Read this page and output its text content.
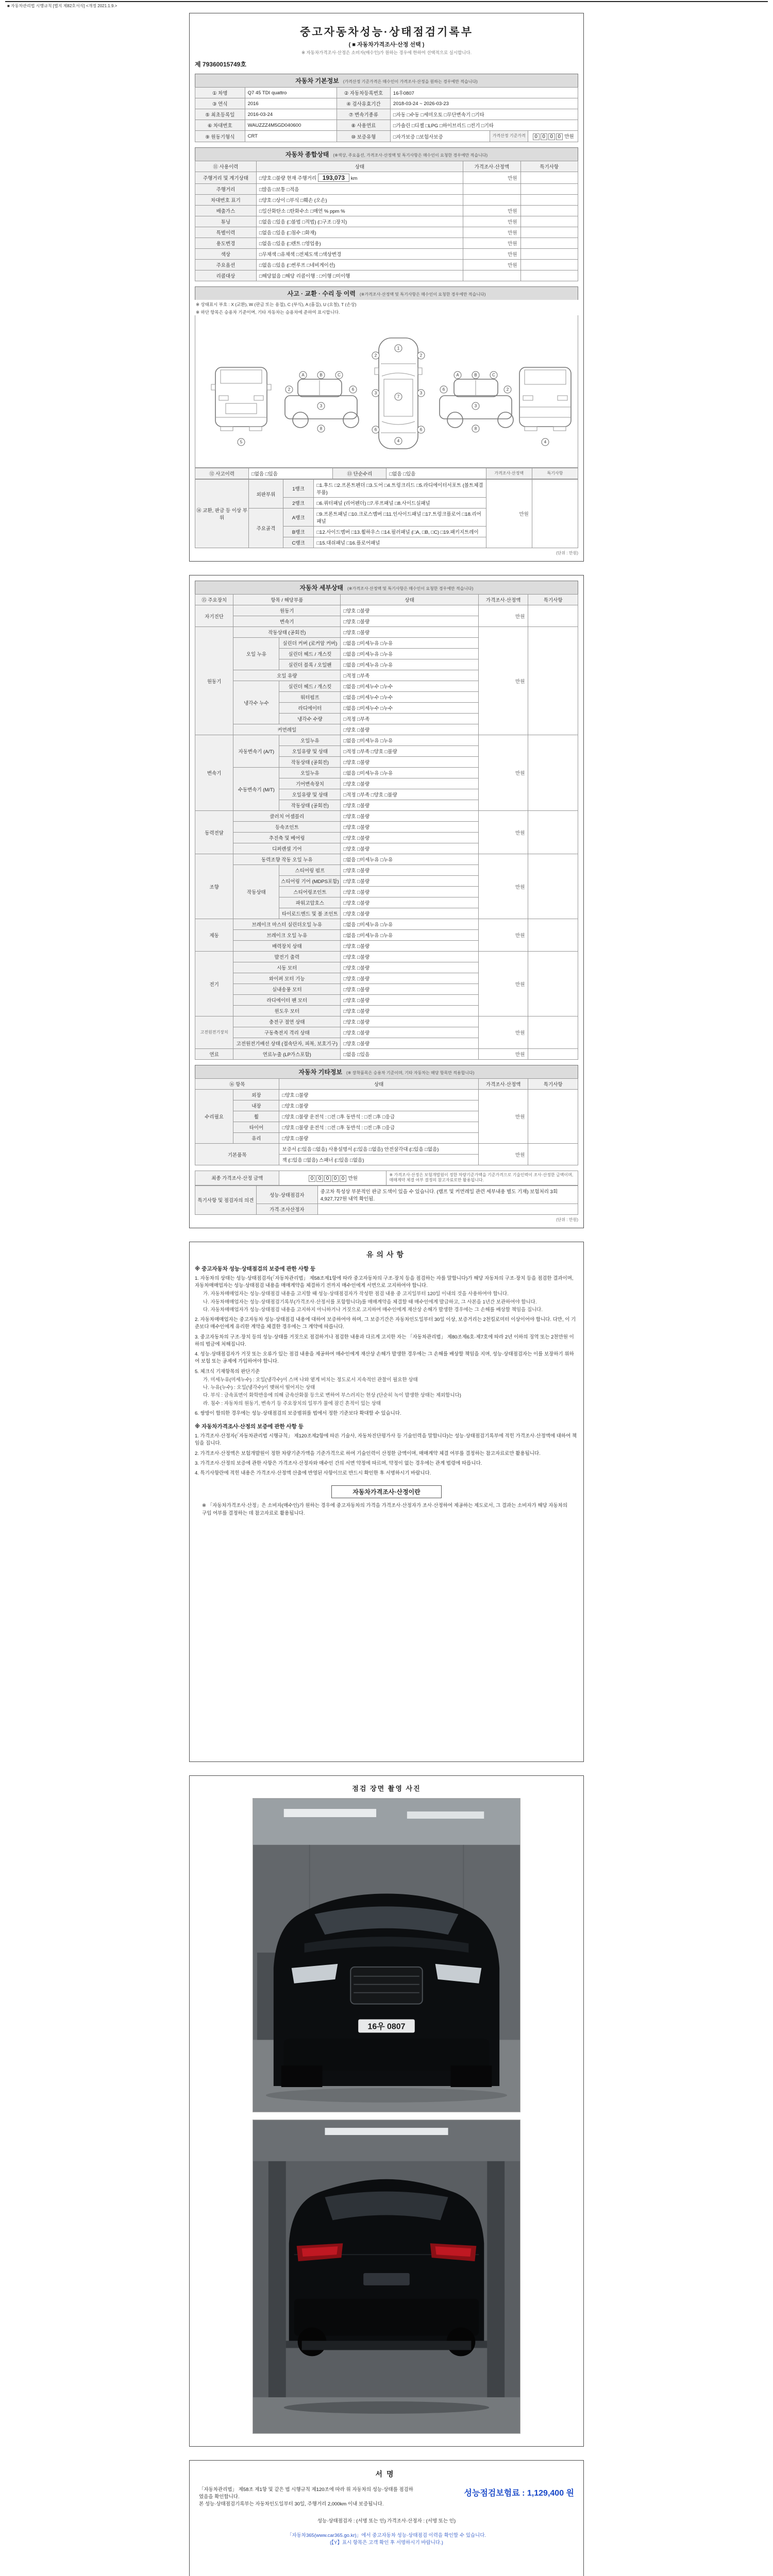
■ 자동차관리법 시행규칙 [별지 제82호서식] <개정 2021.1.9.>
중고자동차성능·상태점검기록부
( ■ 자동차가격조사·산정 선택 )
※ 자동차가격조사·산정은 소비자(매수인)가 원하는 경우에 한하여 선택적으로 실시합니다.
제 79360015749호
자동차 기본정보 (가격산정 기준가격은 매수인이 가격조사·산정을 원하는 경우에만 적습니다)
① 차명	Q7 45 TDI quattro	② 자동차등록번호	16우0807		
③ 연식	2016	④ 검사유효기간	2018-03-24 ~ 2026-03-23		
⑤ 최초등록일	2016-03-24	⑦ 변속기종류	□자동 □수동 □세미오토 □무단변속기 □기타		
⑥ 차대번호	WAUZZZ4M5GD040600	⑧ 사용연료	□가솔린 □디젤 □LPG □하이브리드 □전기 □기타		
⑨ 원동기형식	CRT	⑩ 보증유형	□자가보증 □보험사보증	가격산정 기준가격	0 0 0 0 만원
자동차 종합상태 (※색상, 주요옵션, 가격조사·산정액 및 특기사항은 매수인이 요청한 경우에만 적습니다)
⑪ 사용이력	상태	가격조사·산정액	특기사항
주행거리 및 계기상태	□양호 □불량 현재 주행거리 193,073 km	만원	
주행거리	□많음 □보통 □적음		
차대번호 표기	□양호 □상이 □부식 □훼손 (오손)		
배출가스	□일산화탄소 □탄화수소 □매연 % ppm %	만원	
튜닝	□없음 □있음 (□불법 □적법) (□구조 □장치)	만원	
특별이력	□없음 □있음 (□침수 □화재)	만원	
용도변경	□없음 □있음 (□렌트 □영업용)	만원	
색상	□무채색 □유채색 □전체도색 □색상변경	만원	
주요옵션	□없음 □있음 (□썬루프 □네비게이션)	만원	
리콜대상	□해당없음 □해당 리콜이행 : □이행 □미이행		
사고 · 교환 · 수리 등 이력 (※가격조사·산정액 및 특기사항은 매수인이 요청한 경우에만 적습니다)
※ 상태표시 부호 : X (교환), W (판금 또는 용접), C (부식), A (흠집), U (요철), T (손상)
※ 하단 항목은 승용차 기준이며, 기타 자동차는 승용차에 준하여 표시합니다.
5
A	B	C
2
3
6
8
1
7
4
2
3
6
2
3
6
A	B	C
6
3
2
8
4
⑫ 사고이력	□없음 □있음	⑬ 단순수리	□없음 □있음	가격조사·산정액	특기사항
⑭ 교환, 판금 등 이상 부위	외판부위	1랭크	□1.후드 □2.프론트펜더 □3.도어 □4.트렁크리드 □5.라디에이터서포트 (볼트체결부품)	만원	
		2랭크	□6.쿼터패널 (리어펜더) □7.루프패널 □8.사이드실패널		
	주요골격	A랭크	□9.프론트패널 □10.크로스멤버 □11.인사이드패널 □17.트렁크플로어 □18.리어패널		
		B랭크	□12.사이드멤버 □13.휠하우스 □14.필러패널 (□A, □B, □C) □19.패키지트레이		
		C랭크	□15.대쉬패널 □16.플로어패널		
(단위 : 만원)
자동차 세부상태 (※가격조사·산정액 및 특기사항은 매수인이 요청한 경우에만 적습니다)
⑮ 주요장치	항목 / 해당부품		상태	가격조사·산정액	특기사항
자기진단	원동기		□양호 □불량	만원	
	변속기		□양호 □불량		
원동기	작동상태 (공회전)		□양호 □불량	만원	
	오일 누유	실린더 커버 (로커암 커버)	□없음 □미세누유 □누유		
		실린더 헤드 / 개스킷	□없음 □미세누유 □누유		
		실린더 블록 / 오일팬	□없음 □미세누유 □누유		
	오일 유량		□적정 □부족		
	냉각수 누수	실린더 헤드 / 개스킷	□없음 □미세누수 □누수		
		워터펌프	□없음 □미세누수 □누수		
		라디에이터	□없음 □미세누수 □누수		
		냉각수 수량	□적정 □부족		
	커먼레일		□양호 □불량		
변속기	자동변속기 (A/T)	오일누유	□없음 □미세누유 □누유	만원	
		오일유량 및 상태	□적정 □부족 □양호 □불량		
		작동상태 (공회전)	□양호 □불량		
	수동변속기 (M/T)	오일누유	□없음 □미세누유 □누유		
		기어변속장치	□양호 □불량		
		오일유량 및 상태	□적정 □부족 □양호 □불량		
		작동상태 (공회전)	□양호 □불량		
동력전달	클러치 어셈블리		□양호 □불량	만원	
	등속조인트		□양호 □불량		
	추진축 및 베어링		□양호 □불량		
	디퍼렌셜 기어		□양호 □불량		
조향	동력조향 작동 오일 누유		□없음 □미세누유 □누유	만원	
	작동상태	스티어링 펌프	□양호 □불량		
		스티어링 기어 (MDPS포함)	□양호 □불량		
		스티어링조인트	□양호 □불량		
		파워고압호스	□양호 □불량		
		타이로드엔드 및 볼 조인트	□양호 □불량		
제동	브레이크 마스터 실린더오일 누유		□없음 □미세누유 □누유	만원	
	브레이크 오일 누유		□없음 □미세누유 □누유		
	배력장치 상태		□양호 □불량		
전기	발전기 출력		□양호 □불량	만원	
	시동 모터		□양호 □불량		
	와이퍼 모터 기능		□양호 □불량		
	실내송풍 모터		□양호 □불량		
	라디에이터 팬 모터		□양호 □불량		
	윈도우 모터		□양호 □불량		
고전원전기장치	충전구 절연 상태		□양호 □불량	만원	
	구동축전지 격리 상태		□양호 □불량		
	고전원전기배선 상태 (접속단자, 피복, 보호기구)		□양호 □불량		
연료	연료누출 (LP가스포함)		□없음 □있음	만원	
자동차 기타정보 (※ 장착품목은 승용차 기준이며, 기타 자동차는 해당 항목만 적용합니다)
⑯ 항목		상태	가격조사·산정액	특기사항
수리필요	외장	□양호 □불량	만원	
	내장	□양호 □불량		
	휠	□양호 □불량 운전석 : □전 □후 동반석 : □전 □후 □응급		
	타이어	□양호 □불량 운전석 : □전 □후 동반석 : □전 □후 □응급		
	유리	□양호 □불량		
기본품목		보증서 (□있음 □없음) 사용설명서 (□있음 □없음) 안전삼각대 (□있음 □없음)	만원	
		잭 (□있음 □없음) 스패너 (□있음 □없음)		
최종 가격조사·산정 금액	0 0 0 0 0 만원	※ 가격조사·산정은 보험개발원이 정한 차량기준가액을 기준가격으로 기술인력이 조사·산정한 금액이며, 매매계약 체결 여부 결정의 참고자료로만 활용됩니다.
특기사항 및 점검자의 의견	성능·상태점검자	중고차 특성상 부분적인 판금 도색이 있을 수 있습니다. (램프 및 커먼레일 관련 세부내용 별도 기재) 보험처리 3회 4,927,727원 내역 확인됨.
	가격·조사산정자	
(단위 : 만원)
유의사항
※ 중고자동차 성능·상태점검의 보증에 관한 사항 등
1. 자동차의 상태는 성능·상태점검자(「자동차관리법」 제58조제1항에 따라 중고자동차의 구조·장치 등을 점검하는 자를 말합니다)가 해당 자동차의 구조·장치 등을 점검한 결과이며, 자동차매매업자는 성능·상태점검 내용을 매매계약을 체결하기 전까지 매수인에게 서면으로 고지하여야 합니다.
가. 자동차매매업자는 성능·상태점검 내용을 고지할 때 성능·상태점검자가 작성한 점검 내용 중 고지일부터 120일 이내의 것을 사용하여야 합니다.
나. 자동차매매업자는 성능·상태점검기록부(가격조사·산정서를 포함합니다)를 매매계약을 체결할 때 매수인에게 발급하고, 그 사본을 1년간 보관하여야 합니다.
다. 자동차매매업자가 성능·상태점검 내용을 고지하지 아니하거나 거짓으로 고지하여 매수인에게 재산상 손해가 발생한 경우에는 그 손해를 배상할 책임을 집니다.
2. 자동차매매업자는 중고자동차 성능·상태점검 내용에 대하여 보증하여야 하며, 그 보증기간은 자동차인도일부터 30일 이상, 보증거리는 2천킬로미터 이상이어야 합니다. 다만, 이 기준보다 매수인에게 유리한 계약을 체결한 경우에는 그 계약에 따릅니다.
3. 중고자동차의 구조·장치 등의 성능·상태를 거짓으로 점검하거나 점검한 내용과 다르게 고지한 자는 「자동차관리법」 제80조제6호·제7호에 따라 2년 이하의 징역 또는 2천만원 이하의 벌금에 처해집니다.
4. 성능·상태점검자가 거짓 또는 오류가 있는 점검 내용을 제공하여 매수인에게 재산상 손해가 발생한 경우에는 그 손해를 배상할 책임을 지며, 성능·상태점검자는 이를 보장하기 위하여 보험 또는 공제에 가입하여야 합니다.
5. 체크식 기재항목의 판단기준
가. 미세누유(미세누수) : 오일(냉각수)이 스며 나와 옅게 비치는 정도로서 지속적인 관찰이 필요한 상태
나. 누유(누수) : 오일(냉각수)이 맺혀서 떨어지는 상태
다. 부식 : 금속표면이 화학반응에 의해 금속산화물 등으로 변하여 부스러지는 현상 (단순히 녹이 발생한 상태는 제외합니다)
라. 침수 : 자동차의 원동기, 변속기 등 주요장치의 일부가 물에 잠긴 흔적이 있는 상태
6. 쌍방이 합의한 경우에는 성능·상태점검의 보증범위를 법에서 정한 기준보다 확대할 수 있습니다.
※ 자동차가격조사·산정의 보증에 관한 사항 등
1. 가격조사·산정자(「자동차관리법 시행규칙」 제120조제2항에 따른 기술사, 자동차진단평가사 등 기술인력을 말합니다)는 성능·상태점검기록부에 적힌 가격조사·산정액에 대하여 책임을 집니다.
2. 가격조사·산정액은 보험개발원이 정한 차량기준가액을 기준가격으로 하여 기술인력이 산정한 금액이며, 매매계약 체결 여부를 결정하는 참고자료로만 활용됩니다.
3. 가격조사·산정의 보증에 관한 사항은 가격조사·산정자와 매수인 간의 서면 약정에 따르며, 약정이 없는 경우에는 관계 법령에 따릅니다.
4. 특기사항란에 적힌 내용은 가격조사·산정액 산출에 반영된 사항이므로 반드시 확인한 후 서명하시기 바랍니다.
자동차가격조사·산정이란
※ 「자동차가격조사·산정」은 소비자(매수인)가 원하는 경우에 중고자동차의 가격을 가격조사·산정자가 조사·산정하여 제공하는 제도로서, 그 결과는 소비자가 해당 자동차의 구입 여부를 결정하는 데 참고자료로 활용됩니다.
점검 장면 촬영 사진
16우 0807
서명
「자동차관리법」 제58조 제1항 및 같은 법 시행규칙 제120조에 따라 위 자동차의 성능·상태를 점검하였음을 확인합니다.
본 성능·상태점검기록부는 자동차인도일부터 30일, 주행거리 2,000km 이내 보증됩니다.
성능점검보험료 : 1,129,400 원
성능·상태점검자 : (서명 또는 인) 가격조사·산정자 : (서명 또는 인)
「자동차365(www.car365.go.kr)」에서 중고자동차 성능·상태점검 이력을 확인할 수 있습니다.
(【Y】표시 항목은 고객 확인 후 서명하시기 바랍니다.)
